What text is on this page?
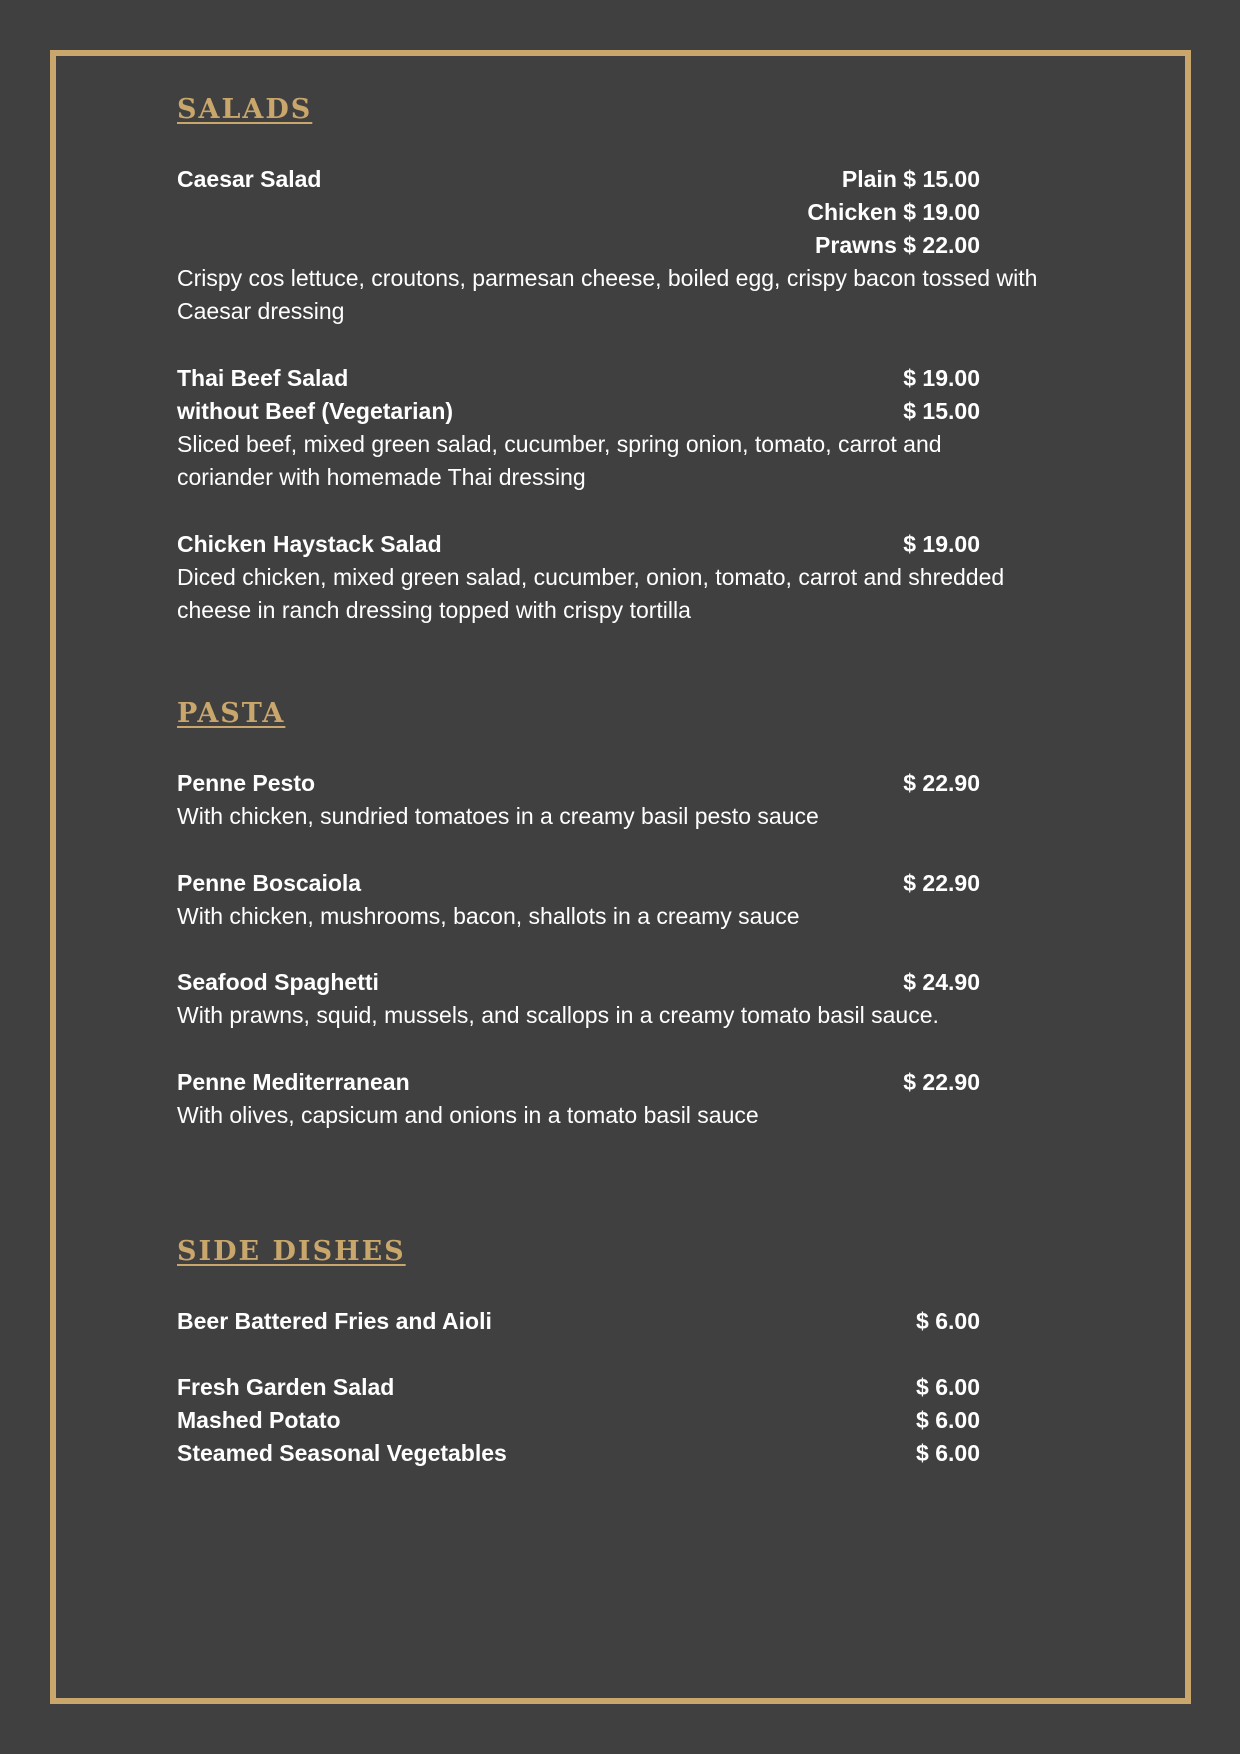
SALADS
Caesar Salad	Plain $ 15.00
Chicken $ 19.00
Prawns $ 22.00
Crispy cos lettuce, croutons, parmesan cheese, boiled egg, crispy bacon tossed with Caesar dressing
Thai Beef Salad	$ 19.00
without Beef (Vegetarian)	$ 15.00
Sliced beef, mixed green salad, cucumber, spring onion, tomato, carrot and coriander with homemade Thai dressing
Chicken Haystack Salad	$ 19.00
Diced chicken, mixed green salad, cucumber, onion, tomato, carrot and shredded cheese in ranch dressing topped with crispy tortilla
PASTA
Penne Pesto	$ 22.90
With chicken, sundried tomatoes in a creamy basil pesto sauce
Penne Boscaiola	$ 22.90
With chicken, mushrooms, bacon, shallots in a creamy sauce
Seafood Spaghetti	$ 24.90
With prawns, squid, mussels, and scallops in a creamy tomato basil sauce.
Penne Mediterranean	$ 22.90
With olives, capsicum and onions in a tomato basil sauce
SIDE DISHES
Beer Battered Fries and Aioli	$ 6.00
Fresh Garden Salad	$ 6.00
Mashed Potato	$ 6.00
Steamed Seasonal Vegetables	$ 6.00
